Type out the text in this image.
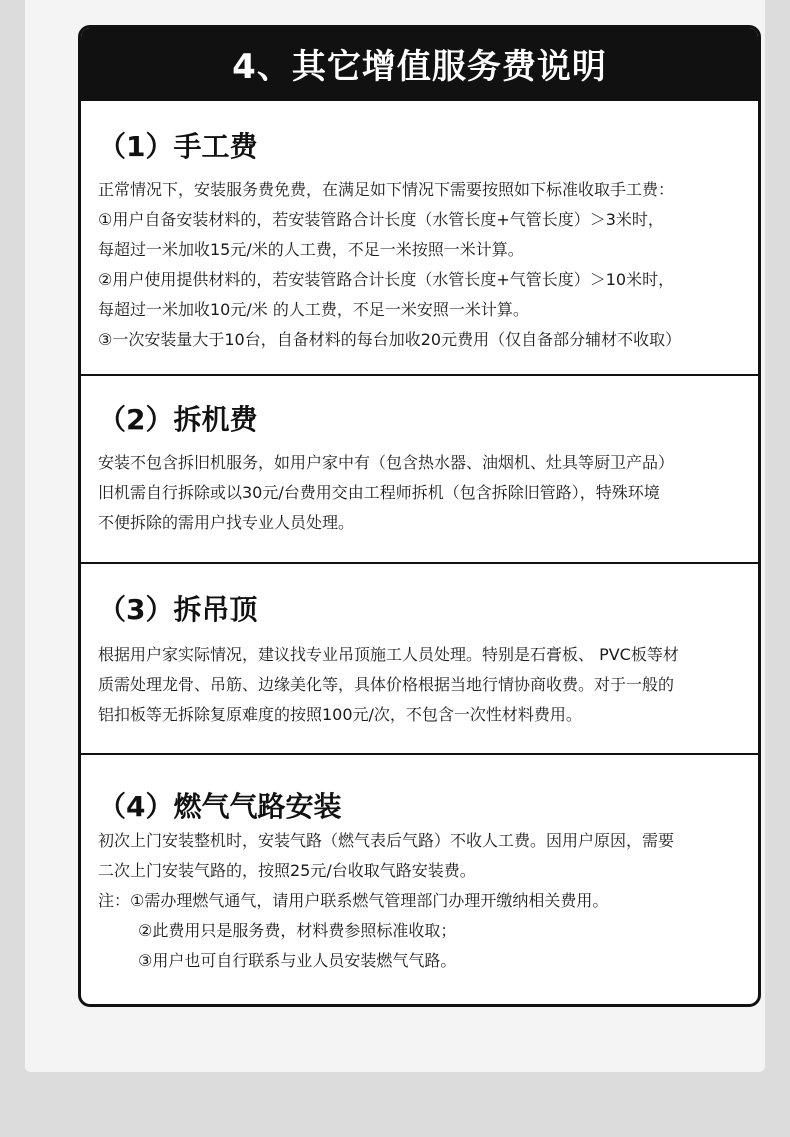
4、其它增值服务费说明
（1）手工费
正常情况下，安装服务费免费，在满足如下情况下需要按照如下标准收取手工费：
①用户自备安装材料的，若安装管路合计长度（水管长度+气管长度）＞3米时，
每超过一米加收15元/米的人工费，不足一米按照一米计算。
②用户使用提供材料的，若安装管路合计长度（水管长度+气管长度）＞10米时，
每超过一米加收10元/米 的人工费，不足一米安照一米计算。
③一次安装量大于10台，自备材料的每台加收20元费用（仅自备部分辅材不收取）
（2）拆机费
安装不包含拆旧机服务，如用户家中有（包含热水器、油烟机、灶具等厨卫产品）
旧机需自行拆除或以30元/台费用交由工程师拆机（包含拆除旧管路），特殊环境
不便拆除的需用户找专业人员处理。
（3）拆吊顶
根据用户家实际情况，建议找专业吊顶施工人员处理。特别是石膏板、 PVC板等材
质需处理龙骨、吊筋、边缘美化等，具体价格根据当地行情协商收费。对于一般的
铝扣板等无拆除复原难度的按照100元/次，不包含一次性材料费用。
（4）燃气气路安装
初次上门安装整机时，安装气路（燃气表后气路）不收人工费。因用户原因，需要
二次上门安装气路的，按照25元/台收取气路安装费。
注：①需办理燃气通气，请用户联系燃气管理部门办理开缴纳相关费用。
②此费用只是服务费，材料费参照标准收取；
③用户也可自行联系与业人员安装燃气气路。
